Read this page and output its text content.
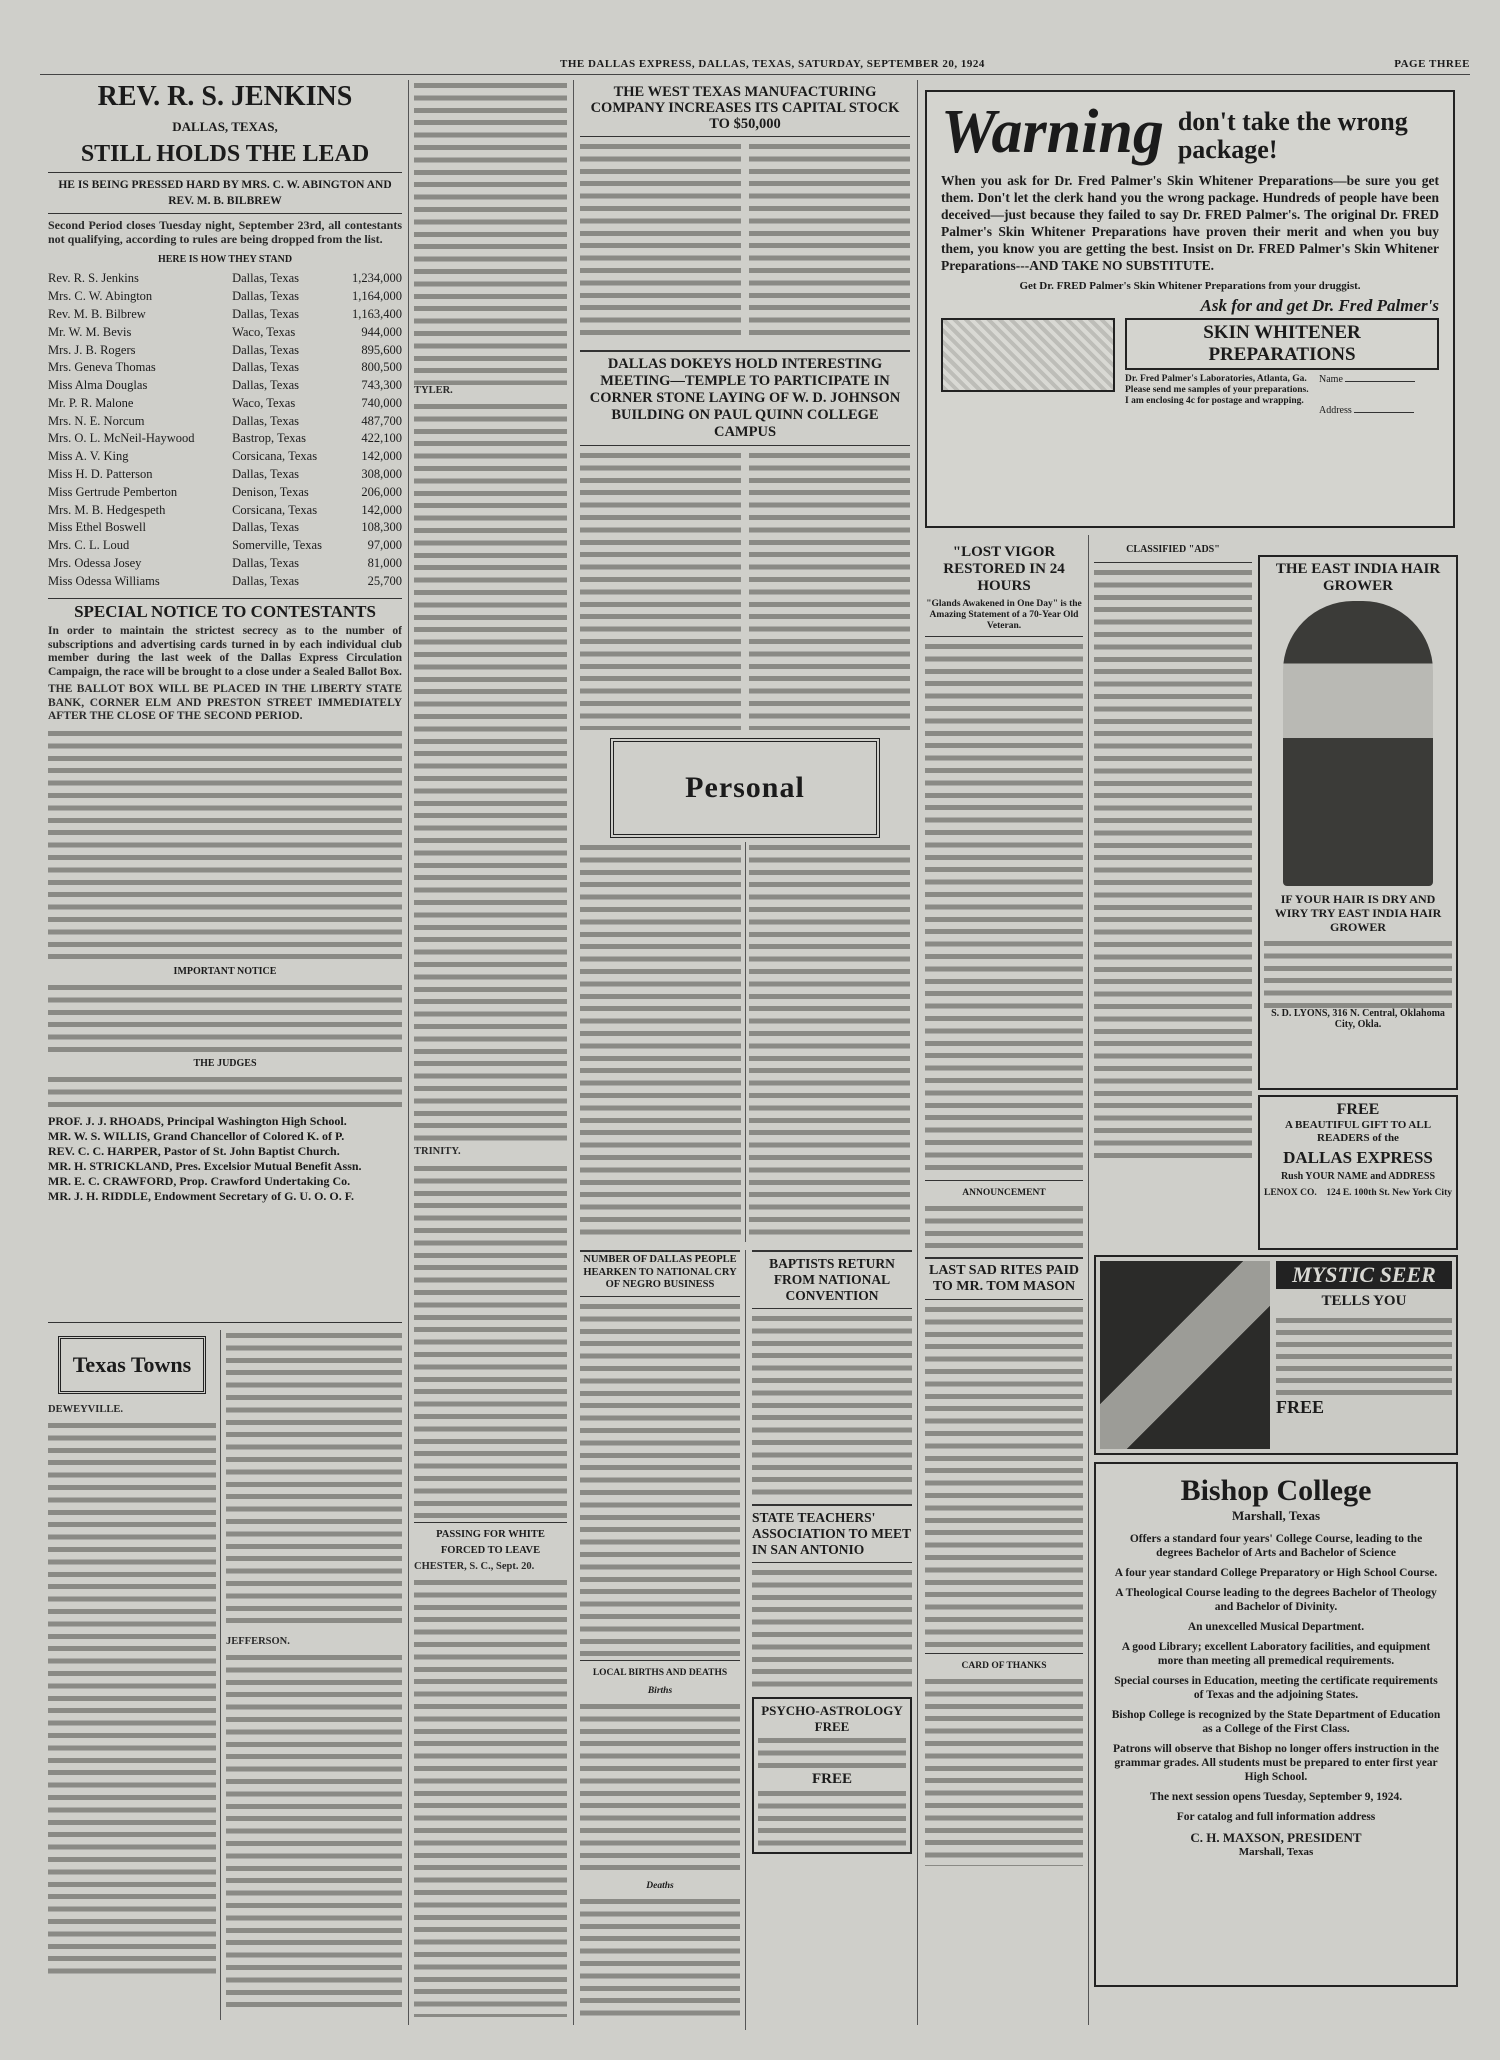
THE DALLAS EXPRESS, DALLAS, TEXAS, SATURDAY, SEPTEMBER 20, 1924	PAGE THREE
REV. R. S. JENKINS
DALLAS, TEXAS,
STILL HOLDS THE LEAD
HE IS BEING PRESSED HARD BY MRS. C. W. ABINGTON AND REV. M. B. BILBREW

Second Period closes Tuesday night, September 23rd, all contestants not qualifying, according to rules are being dropped from the list.

HERE IS HOW THEY STAND
Rev. R. S. Jenkins	Dallas, Texas	1,234,000
Mrs. C. W. Abington	Dallas, Texas	1,164,000
Rev. M. B. Bilbrew	Dallas, Texas	1,163,400
Mr. W. M. Bevis	Waco, Texas	944,000
Mrs. J. B. Rogers	Dallas, Texas	895,600
Mrs. Geneva Thomas	Dallas, Texas	800,500
Miss Alma Douglas	Dallas, Texas	743,300
Mr. P. R. Malone	Waco, Texas	740,000
Mrs. N. E. Norcum	Dallas, Texas	487,700
Mrs. O. L. McNeil-Haywood	Bastrop, Texas	422,100
Miss A. V. King	Corsicana, Texas	142,000
Miss H. D. Patterson	Dallas, Texas	308,000
Miss Gertrude Pemberton	Denison, Texas	206,000
Mrs. M. B. Hedgespeth	Corsicana, Texas	142,000
Miss Ethel Boswell	Dallas, Texas	108,300
Mrs. C. L. Loud	Somerville, Texas	97,000
Mrs. Odessa Josey	Dallas, Texas	81,000
Miss Odessa Williams	Dallas, Texas	25,700
SPECIAL NOTICE TO CONTESTANTS

In order to maintain the strictest secrecy as to the number of subscriptions and advertising cards turned in by each individual club member during the last week of the Dallas Express Circulation Campaign, the race will be brought to a close under a Sealed Ballot Box.

THE BALLOT BOX WILL BE PLACED IN THE LIBERTY STATE BANK, CORNER ELM AND PRESTON STREET IMMEDIATELY AFTER THE CLOSE OF THE SECOND PERIOD.

IMPORTANT NOTICE
THE JUDGES
PROF. J. J. RHOADS, Principal Washington High School.
MR. W. S. WILLIS, Grand Chancellor of Colored K. of P.
REV. C. C. HARPER, Pastor of St. John Baptist Church.
MR. H. STRICKLAND, Pres. Excelsior Mutual Benefit Assn.
MR. E. C. CRAWFORD, Prop. Crawford Undertaking Co.
MR. J. H. RIDDLE, Endowment Secretary of G. U. O. O. F.
Texas Towns

DEWEYVILLE.

JEFFERSON.

TYLER.

TRINITY.

PASSING FOR WHITE FORCED TO LEAVE

CHESTER, S. C., Sept. 20.

THE WEST TEXAS MANUFACTURING COMPANY INCREASES ITS CAPITAL STOCK TO $50,000
DALLAS DOKEYS HOLD INTERESTING MEETING—TEMPLE TO PARTICIPATE IN CORNER STONE LAYING OF W. D. JOHNSON BUILDING ON PAUL QUINN COLLEGE CAMPUS
Personal
NUMBER OF DALLAS PEOPLE HEARKEN TO NATIONAL CRY OF NEGRO BUSINESS
LOCAL BIRTHS AND DEATHS
Births
Deaths
BAPTISTS RETURN FROM NATIONAL CONVENTION
STATE TEACHERS' ASSOCIATION TO MEET IN SAN ANTONIO
PSYCHO-ASTROLOGY FREE
FREE
"LOST VIGOR RESTORED IN 24 HOURS
"Glands Awakened in One Day" is the Amazing Statement of a 70-Year Old Veteran.
ANNOUNCEMENT
LAST SAD RITES PAID TO MR. TOM MASON
CARD OF THANKS
Warning don't take the wrong package!

When you ask for Dr. Fred Palmer's Skin Whitener Preparations—be sure you get them. Don't let the clerk hand you the wrong package. Hundreds of people have been deceived—just because they failed to say Dr. FRED Palmer's. The original Dr. FRED Palmer's Skin Whitener Preparations have proven their merit and when you buy them, you know you are getting the best. Insist on Dr. FRED Palmer's Skin Whitener Preparations---AND TAKE NO SUBSTITUTE.

Get Dr. FRED Palmer's Skin Whitener Preparations from your druggist.

Ask for and get Dr. Fred Palmer's
SKIN WHITENER PREPARATIONS
Dr. Fred Palmer's Laboratories, Atlanta, Ga. Please send me samples of your preparations. I am enclosing 4c for postage and wrapping.
Name
Address
CLASSIFIED "ADS"
THE EAST INDIA HAIR GROWER
IF YOUR HAIR IS DRY AND WIRY TRY EAST INDIA HAIR GROWER
S. D. LYONS, 316 N. Central, Oklahoma City, Okla.
FREE
A BEAUTIFUL GIFT TO ALL READERS of the
DALLAS EXPRESS
Rush YOUR NAME and ADDRESS
LENOX CO. 124 E. 100th St. New York City
MYSTIC SEER
TELLS YOU
FREE
Bishop College
Marshall, Texas

Offers a standard four years' College Course, leading to the degrees Bachelor of Arts and Bachelor of Science

A four year standard College Preparatory or High School Course.

A Theological Course leading to the degrees Bachelor of Theology and Bachelor of Divinity.

An unexcelled Musical Department.

A good Library; excellent Laboratory facilities, and equipment more than meeting all premedical requirements.

Special courses in Education, meeting the certificate requirements of Texas and the adjoining States.

Bishop College is recognized by the State Department of Education as a College of the First Class.

Patrons will observe that Bishop no longer offers instruction in the grammar grades. All students must be prepared to enter first year High School.

The next session opens Tuesday, September 9, 1924.

For catalog and full information address

C. H. MAXSON, PRESIDENT
Marshall, Texas
